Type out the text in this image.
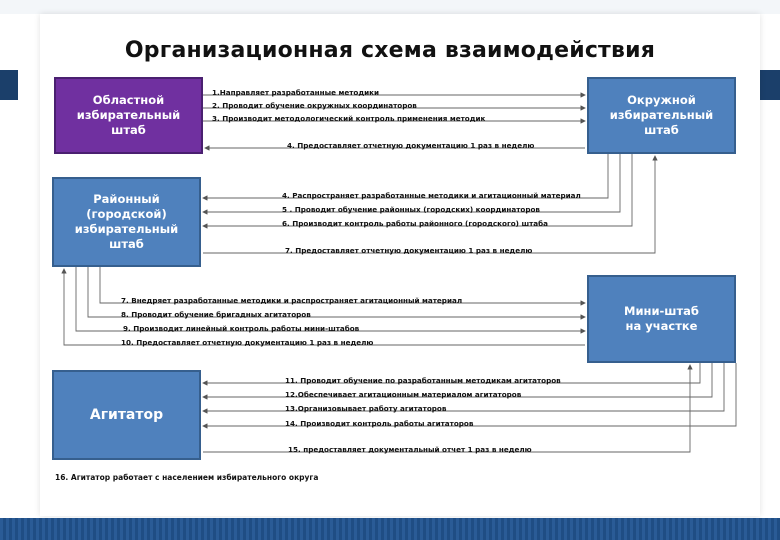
Организационная схема взаимодействия
Областной
избирательный
штаб
Окружной
избирательный
штаб
Районный
(городской)
избирательный
штаб
Мини-штаб
на участке
Агитатор
1.Направляет разработанные методики
2. Проводит обучение окружных координаторов
3. Производит методологический контроль применения методик
4. Предоставляет отчетную документацию 1 раз в неделю
4. Распространяет разработанные методики и агитационный материал
5 . Проводит обучение районных (городских) координаторов
6. Производит контроль работы районного (городского) штаба
7. Предоставляет отчетную документацию 1 раз в неделю
7. Внедряет разработанные методики и распространяет агитационный материал
8. Проводит обучение бригадных агитаторов
9. Производит линейный контроль работы мини-штабов
10. Предоставляет отчетную документацию 1 раз в неделю
11. Проводит обучение по разработанным методикам агитаторов
12.Обеспечивает агитационным материалом агитаторов
13.Организовывает работу агитаторов
14. Производит контроль работы агитаторов
15. предоставляет документальный отчет 1 раз в неделю
16. Агитатор работает с населением избирательного округа
